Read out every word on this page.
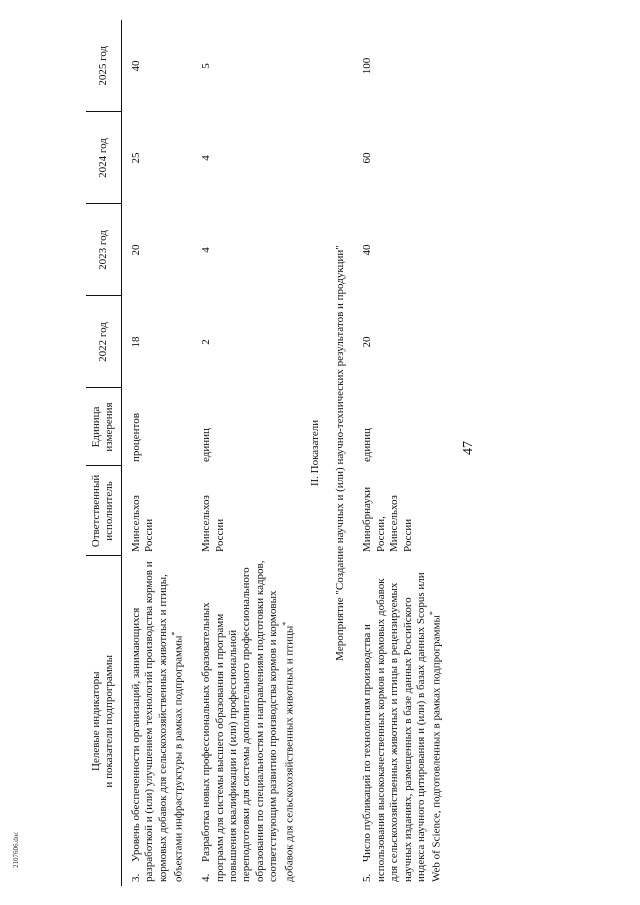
47
2107606.doc
Целевые индикаторы
и показатели подпрограммы	Ответственный исполнитель	Единица измерения	2022 год	2023 год	2024 год	2025 год
3.Уровень обеспеченности организаций, занимающихся разработкой и (или) улучшением технологий производства кормов и кормовых добавок для сельскохозяйственных животных и птицы, объектами инфраструктуры в рамках подпрограммы*	Минсельхоз России	процентов	18	20	25	40
4.Разработка новых профессиональных образовательных программ для системы высшего образования и программ повышения квалификации и (или) профессиональной переподготовки для системы дополнительного профессионального образования по специальностям и направлениям подготовки кадров, соответствующим развитию производства кормов и кормовых добавок для сельскохозяйственных животных и птицы*	Минсельхоз России	единиц	2	4	4	5
II. Показатели						
Мероприятие "Создание научных и (или) научно-технических результатов и продукции"						
5.Число публикаций по технологиям производства и использования высококачественных кормов и кормовых добавок для сельскохозяйственных животных и птицы в рецензируемых научных изданиях, размещенных в базе данных Российского индекса научного цитирования и (или) в базах данных Scopus или Web of Science, подготовленных в рамках подпрограммы*	Минобрнауки России, Минсельхоз России	единиц	20	40	60	100
